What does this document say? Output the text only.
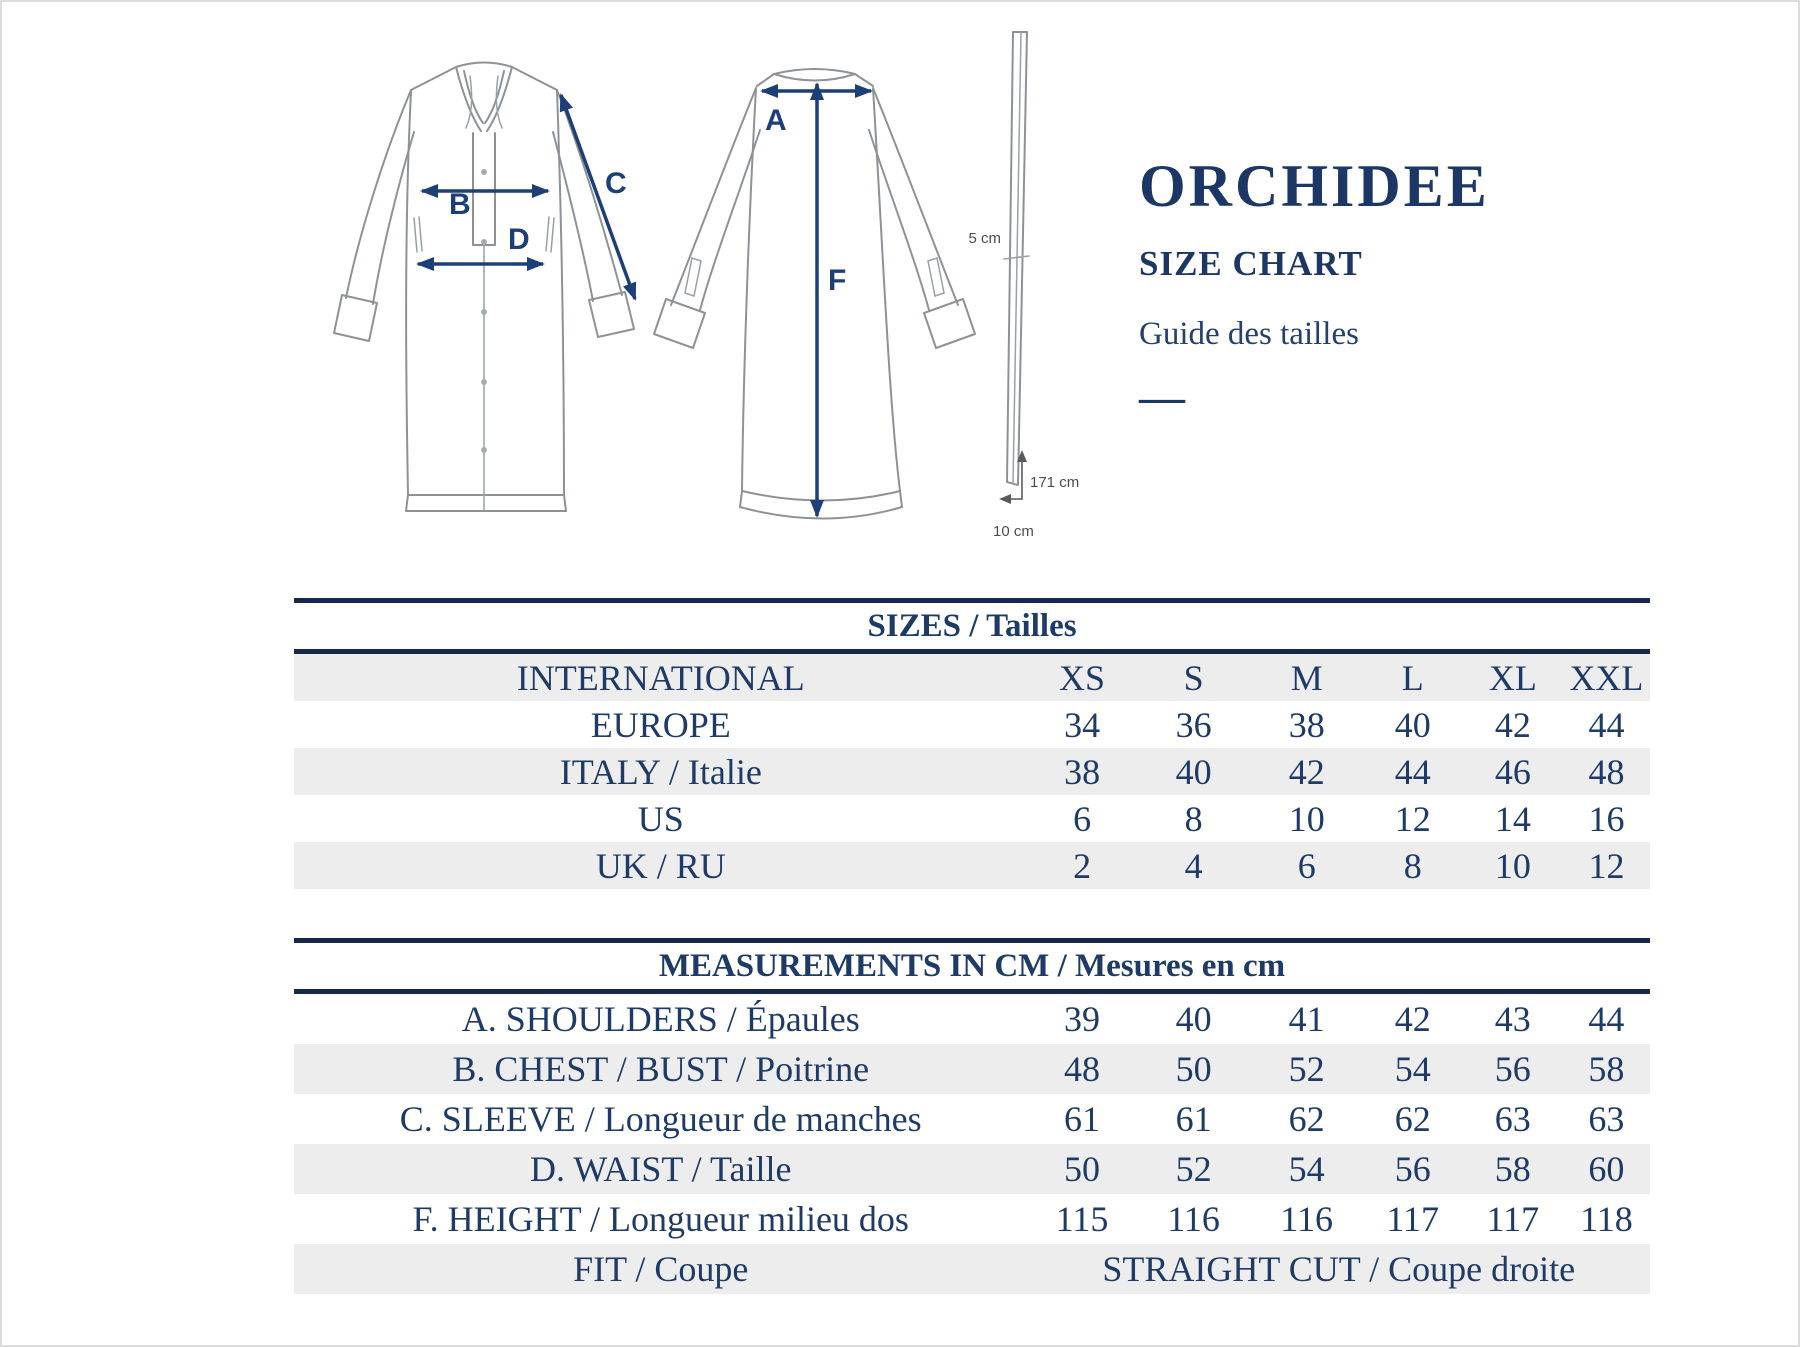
B
D
C
A
F
5 cm
171 cm
10 cm
ORCHIDEE
SIZE CHART
Guide des tailles
—
SIZES / Tailles						
INTERNATIONAL	XS	S	M	L	XL	XXL
EUROPE	34	36	38	40	42	44
ITALY / Italie	38	40	42	44	46	48
US	6	8	10	12	14	16
UK / RU	2	4	6	8	10	12
MEASUREMENTS IN CM / Mesures en cm						
A. SHOULDERS / Épaules	39	40	41	42	43	44
B. CHEST / BUST / Poitrine	48	50	52	54	56	58
C. SLEEVE / Longueur de manches	61	61	62	62	63	63
D. WAIST / Taille	50	52	54	56	58	60
F. HEIGHT / Longueur milieu dos	115	116	116	117	117	118
FIT / Coupe	STRAIGHT CUT / Coupe droite					
